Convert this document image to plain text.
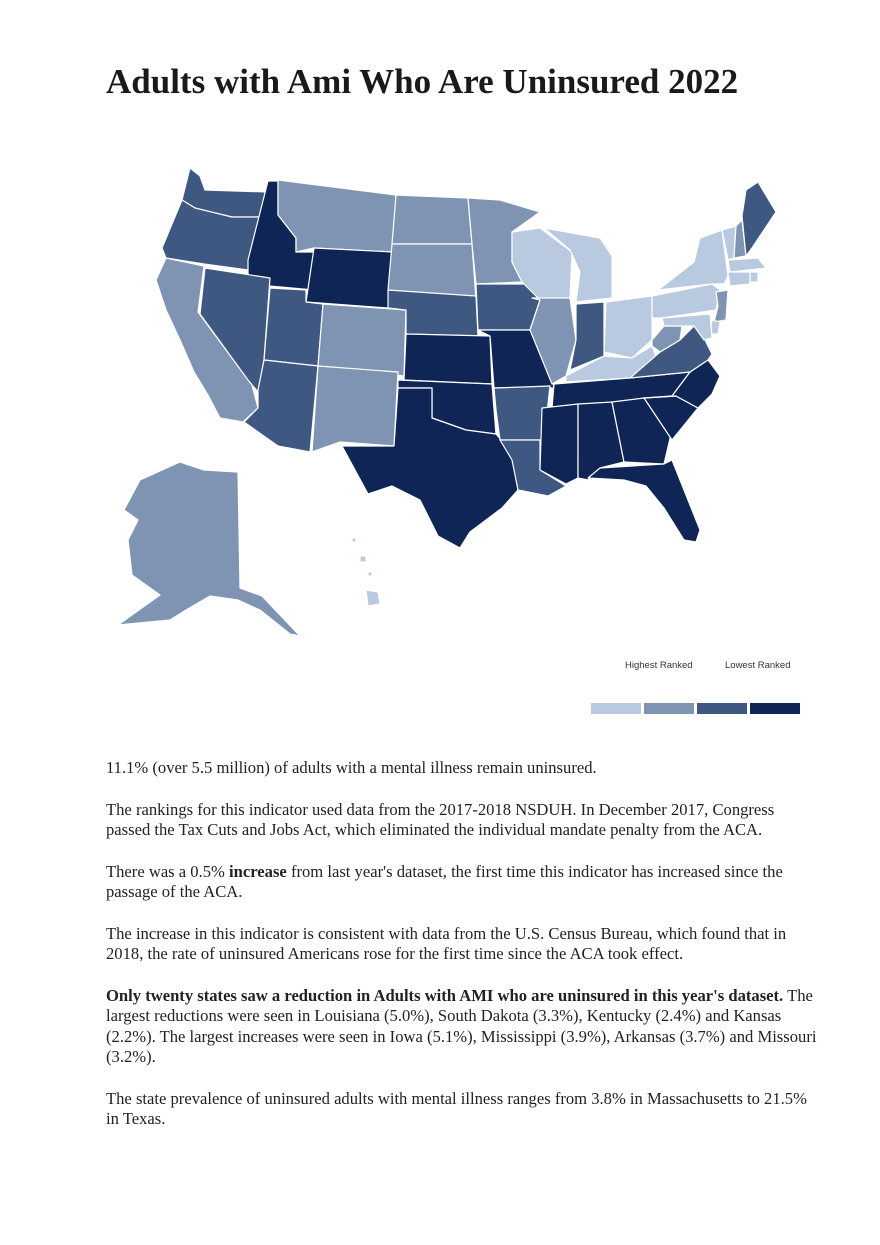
Adults with Ami Who Are Uninsured 2022
Highest Ranked	Lowest Ranked

11.1% (over 5.5 million) of adults with a mental illness remain uninsured.

The rankings for this indicator used data from the 2017-2018 NSDUH. In December 2017, Congress passed the Tax Cuts and Jobs Act, which eliminated the individual mandate penalty from the ACA.

There was a 0.5% increase from last year's dataset, the first time this indicator has increased since the passage of the ACA.

The increase in this indicator is consistent with data from the U.S. Census Bureau, which found that in 2018, the rate of uninsured Americans rose for the first time since the ACA took effect.

Only twenty states saw a reduction in Adults with AMI who are uninsured in this year's dataset. The largest reductions were seen in Louisiana (5.0%), South Dakota (3.3%), Kentucky (2.4%) and Kansas (2.2%). The largest increases were seen in Iowa (5.1%), Mississippi (3.9%), Arkansas (3.7%) and Missouri (3.2%).

The state prevalence of uninsured adults with mental illness ranges from 3.8% in Massachusetts to 21.5% in Texas.
